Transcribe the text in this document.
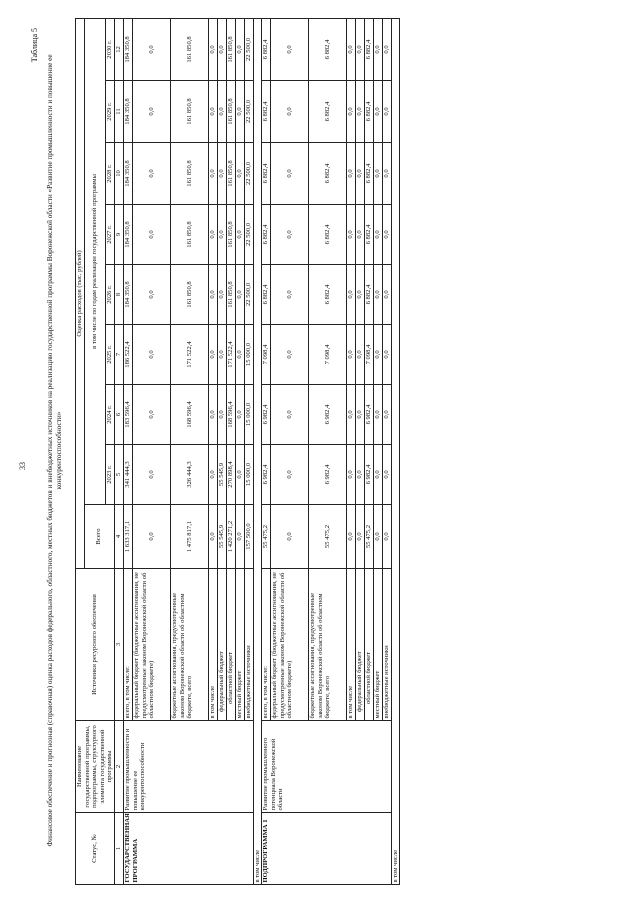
33
Таблица 5
Финансовое обеспечение и прогнозная (справочная) оценка расходов федерального, областного, местных бюджетов и внебюджетных источников на реализацию государственной программы Воронежской области «Развитие промышленности и повышение ее конкурентоспособности»
Статус, №	Наименование государственной программы, подпрограммы, структурного элемента государственной программы	Источники ресурсного обеспечения	Оценка расходов (тыс. рублей)								
			Всего	в том числе по годам реализации государственной программы							
				2023 г.	2024 г.	2025 г.	2026 г.	2027 г.	2028 г.	2029 г.	2030 г.
1	2	3	4	5	6	7	8	9	10	11	12
ГОСУДАРСТВЕННАЯ ПРОГРАММА	Развитие промышленности и повышение ее конкурентоспособности	всего, в том числе:	1 633 317,1	341 444,3	183 596,4	186 522,4	184 350,8	184 350,8	184 350,8	184 350,8	184 350,8
		федеральный бюджет (бюджетные ассигнования, не предусмотренные законом Воронежской области об областном бюджете)	0,0	0,0	0,0	0,0	0,0	0,0	0,0	0,0	0,0
		бюджетные ассигнования, предусмотренные законом Воронежской области об областном бюджете, всего	1 475 817,1	326 444,3	168 596,4	171 522,4	161 850,8	161 850,8	161 850,8	161 850,8	161 850,8
		в том числе	0,0	0,0	0,0	0,0	0,0	0,0	0,0	0,0	0,0
		федеральный бюджет	55 545,9	55 545,9	0,0	0,0	0,0	0,0	0,0	0,0	0,0
		областной бюджет	1 420 271,2	270 898,4	168 596,4	171 522,4	161 850,8	161 850,8	161 850,8	161 850,8	161 850,8
		местный бюджет	0,0	0,0	0,0	0,0	0,0	0,0	0,0	0,0	0,0
		внебюджетные источники	157 500,0	15 000,0	15 000,0	15 000,0	22 500,0	22 500,0	22 500,0	22 500,0	22 500,0
в том числе											
ПОДПРОГРАММА 1	Развитие промышленного потенциала Воронежской области	всего, в том числе:	55 475,2	6 982,4	6 982,4	7 098,4	6 882,4	6 882,4	6 882,4	6 882,4	6 882,4
		федеральный бюджет (бюджетные ассигнования, не предусмотренные законом Воронежской области об областном бюджете)	0,0	0,0	0,0	0,0	0,0	0,0	0,0	0,0	0,0
		бюджетные ассигнования, предусмотренные законом Воронежской области об областном бюджете, всего	55 475,2	6 982,4	6 982,4	7 098,4	6 882,4	6 882,4	6 882,4	6 882,4	6 882,4
		в том числе	0,0	0,0	0,0	0,0	0,0	0,0	0,0	0,0	0,0
		федеральный бюджет	0,0	0,0	0,0	0,0	0,0	0,0	0,0	0,0	0,0
		областной бюджет	55 475,2	6 982,4	6 982,4	7 098,4	6 882,4	6 882,4	6 882,4	6 882,4	6 882,4
		местный бюджет	0,0	0,0	0,0	0,0	0,0	0,0	0,0	0,0	0,0
		внебюджетные источники	0,0	0,0	0,0	0,0	0,0	0,0	0,0	0,0	0,0
в том числе											
